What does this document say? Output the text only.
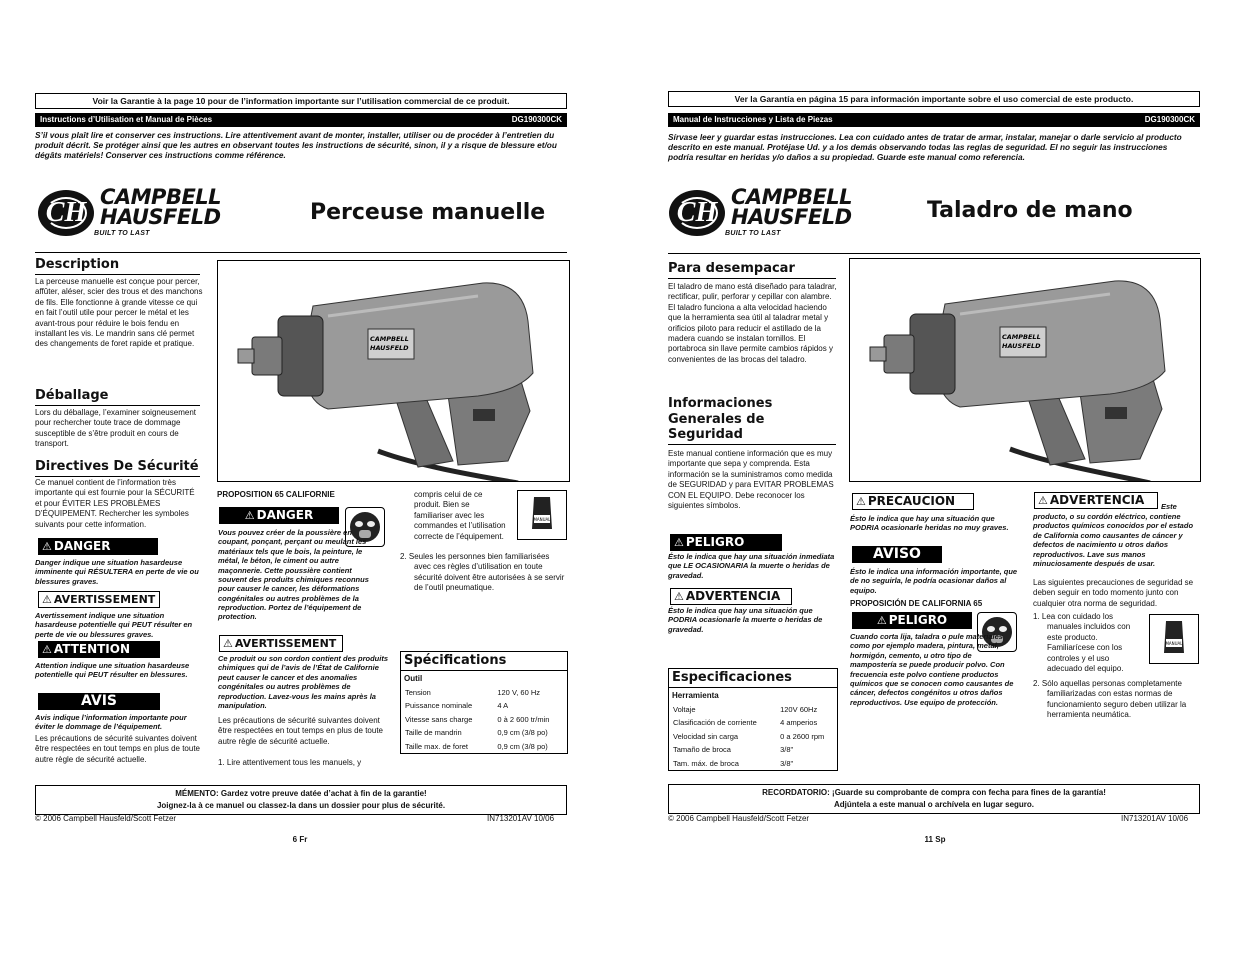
Voir la Garantie à la page 10 pour de l’information importante sur l’utilisation commercial de ce produit.
Instructions d’Utilisation et Manual de Pièces	DG190300CK
S’il vous plaît lire et conserver ces instructions. Lire attentivement avant de monter, installer, utiliser ou de procéder à l’entretien du produit décrit. Se protéger ainsi que les autres en observant toutes les instructions de sécurité, sinon, il y a risque de blessure et/ou dégâts matériels! Conserver ces instructions comme référence.
CH
CAMPBELL
HAUSFELD
BUILT TO LAST
Perceuse manuelle
Description
La perceuse manuelle est conçue pour percer, affûter, aléser, scier des trous et des manchons de fils. Elle fonctionne à grande vitesse ce qui en fait l’outil utile pour percer le métal et les avant-trous pour réduire le bois fendu en installant les vis. Le mandrin sans clé permet des changements de foret rapide et pratique.
Déballage
Lors du déballage, l’examiner soigneusement pour rechercher toute trace de dommage susceptible de s’être produit en cours de transport.
Directives De Sécurité
Ce manuel contient de l’information très importante qui est fournie pour la SÉCURITÉ et pour ÉVITER LES PROBLÈMES D’ÉQUIPEMENT. Rechercher les symboles suivants pour cette information.
⚠ DANGER
Danger indique une situation hasardeuse imminente qui RÉSULTERA en perte de vie ou blessures graves.
⚠ AVERTISSEMENT
Avertissement indique une situation hasardeuse potentielle qui PEUT résulter en perte de vie ou blessures graves.
⚠ ATTENTION
Attention indique une situation hasardeuse potentielle qui PEUT résulter en blessures.
AVIS
Avis indique l’information importante pour éviter le dommage de l’équipement.
Les précautions de sécurité suivantes doivent être respectées en tout temps en plus de toute autre règle de sécurité actuelle.
CAMPBELL
HAUSFELD
PROPOSITION 65 CALIFORNIE
⚠ DANGER
Vous pouvez créer de la poussière en coupant, ponçant, perçant ou meulant les matériaux tels que le bois, la peinture, le métal, le béton, le ciment ou autre maçonnerie. Cette poussière contient souvent des produits chimiques reconnus pour causer le cancer, les déformations congénitales ou autres problèmes de la reproduction. Portez de l’équipement de protection.
⚠ AVERTISSEMENT
Ce produit ou son cordon contient des produits chimiques qui de l’avis de l’État de Californie peut causer le cancer et des anomalies congénitales ou autres problèmes de reproduction. Lavez-vous les mains après la manipulation.
Les précautions de sécurité suivantes doivent être respectées en tout temps en plus de toute autre règle de sécurité actuelle.
1. Lire attentivement tous les manuels, y
compris celui de ce produit. Bien se familiariser avec les commandes et l’utilisation correcte de l’équipement.
MANUAL
2. Seules les personnes bien familiarisées avec ces règles d’utilisation en toute sécurité doivent être autorisées à se servir de l’outil pneumatique.
Spécifications
Outil
Tension	120 V, 60 Hz
Puissance nominale	4 A
Vitesse sans charge	0 à 2 600 tr/min
Taille de mandrin	0,9 cm (3/8 po)
Taille max. de foret	0,9 cm (3/8 po)
MÉMENTO: Gardez votre preuve datée d’achat à fin de la garantie!
Joignez-la à ce manuel ou classez-la dans un dossier pour plus de sécurité.
© 2006 Campbell Hausfeld/Scott Fetzer	IN713201AV 10/06
6 Fr
Ver la Garantía en página 15 para información importante sobre el uso comercial de este producto.
Manual de Instrucciones y Lista de Piezas	DG190300CK
Sírvase leer y guardar estas instrucciones. Lea con cuidado antes de tratar de armar, instalar, manejar o darle servicio al producto descrito en este manual. Protéjase Ud. y a los demás observando todas las reglas de seguridad. El no seguir las instrucciones podría resultar en heridas y/o daños a su propiedad. Guarde este manual como referencia.
CH
CAMPBELL
HAUSFELD
BUILT TO LAST
Taladro de mano
Para desempacar
El taladro de mano está diseñado para taladrar, rectificar, pulir, perforar y cepillar con alambre. El taladro funciona a alta velocidad haciendo que la herramienta sea útil al taladrar metal y orificios piloto para reducir el astillado de la madera cuando se instalan tornillos. El portabroca sin llave permite cambios rápidos y convenientes de las brocas del taladro.
Informaciones Generales de Seguridad
Este manual contiene información que es muy importante que sepa y comprenda. Esta información se la suministramos como medida de SEGURIDAD y para EVITAR PROBLEMAS CON EL EQUIPO. Debe reconocer los siguientes símbolos.
⚠ PELIGRO
Ésto le indica que hay una situación inmediata que LE OCASIONARIA la muerte o heridas de gravedad.
⚠ ADVERTENCIA
Ésto le indica que hay una situación que PODRIA ocasionarle la muerte o heridas de gravedad.
Especificaciones
Herramienta
Voltaje	120V 60Hz
Clasificación de corriente	4 amperios
Velocidad sin carga	0 a 2600 rpm
Tamaño de broca	3/8"
Tam. máx. de broca	3/8"
CAMPBELL
HAUSFELD
⚠ PRECAUCION
Ésto le indica que hay una situación que PODRIA ocasionarle heridas no muy graves.
AVISO
Ésto le indica una información importante, que de no seguirla, le podría ocasionar daños al equipo.
PROPOSICIÓN DE CALIFORNIA 65
⚠ PELIGRO
Cuando corta lija, taladra o pule materiales como por ejemplo madera, pintura, metal, hormigón, cemento, u otro tipo de mampostería se puede producir polvo. Con frecuencia este polvo contiene productos químicos que se conocen como causantes de cáncer, defectos congénitos u otros daños reproductivos. Use equipo de protección.
⚠ ADVERTENCIA Este
producto, o su cordón eléctrico, contiene productos químicos conocidos por el estado de California como causantes de cáncer y defectos de nacimiento u otros daños reproductivos. Lave sus manos minuciosamente después de usar.
Las siguientes precauciones de seguridad se deben seguir en todo momento junto con cualquier otra norma de seguridad.
1. Lea con cuidado los manuales incluidos con este producto. Familiarícese con los controles y el uso adecuado del equipo.
MANUAL
2. Sólo aquellas personas completamente familiarizadas con estas normas de funcionamiento seguro deben utilizar la herramienta neumática.
RECORDATORIO: ¡Guarde su comprobante de compra con fecha para fines de la garantía!
Adjúntela a este manual o archívela en lugar seguro.
© 2006 Campbell Hausfeld/Scott Fetzer	IN713201AV 10/06
11 Sp
